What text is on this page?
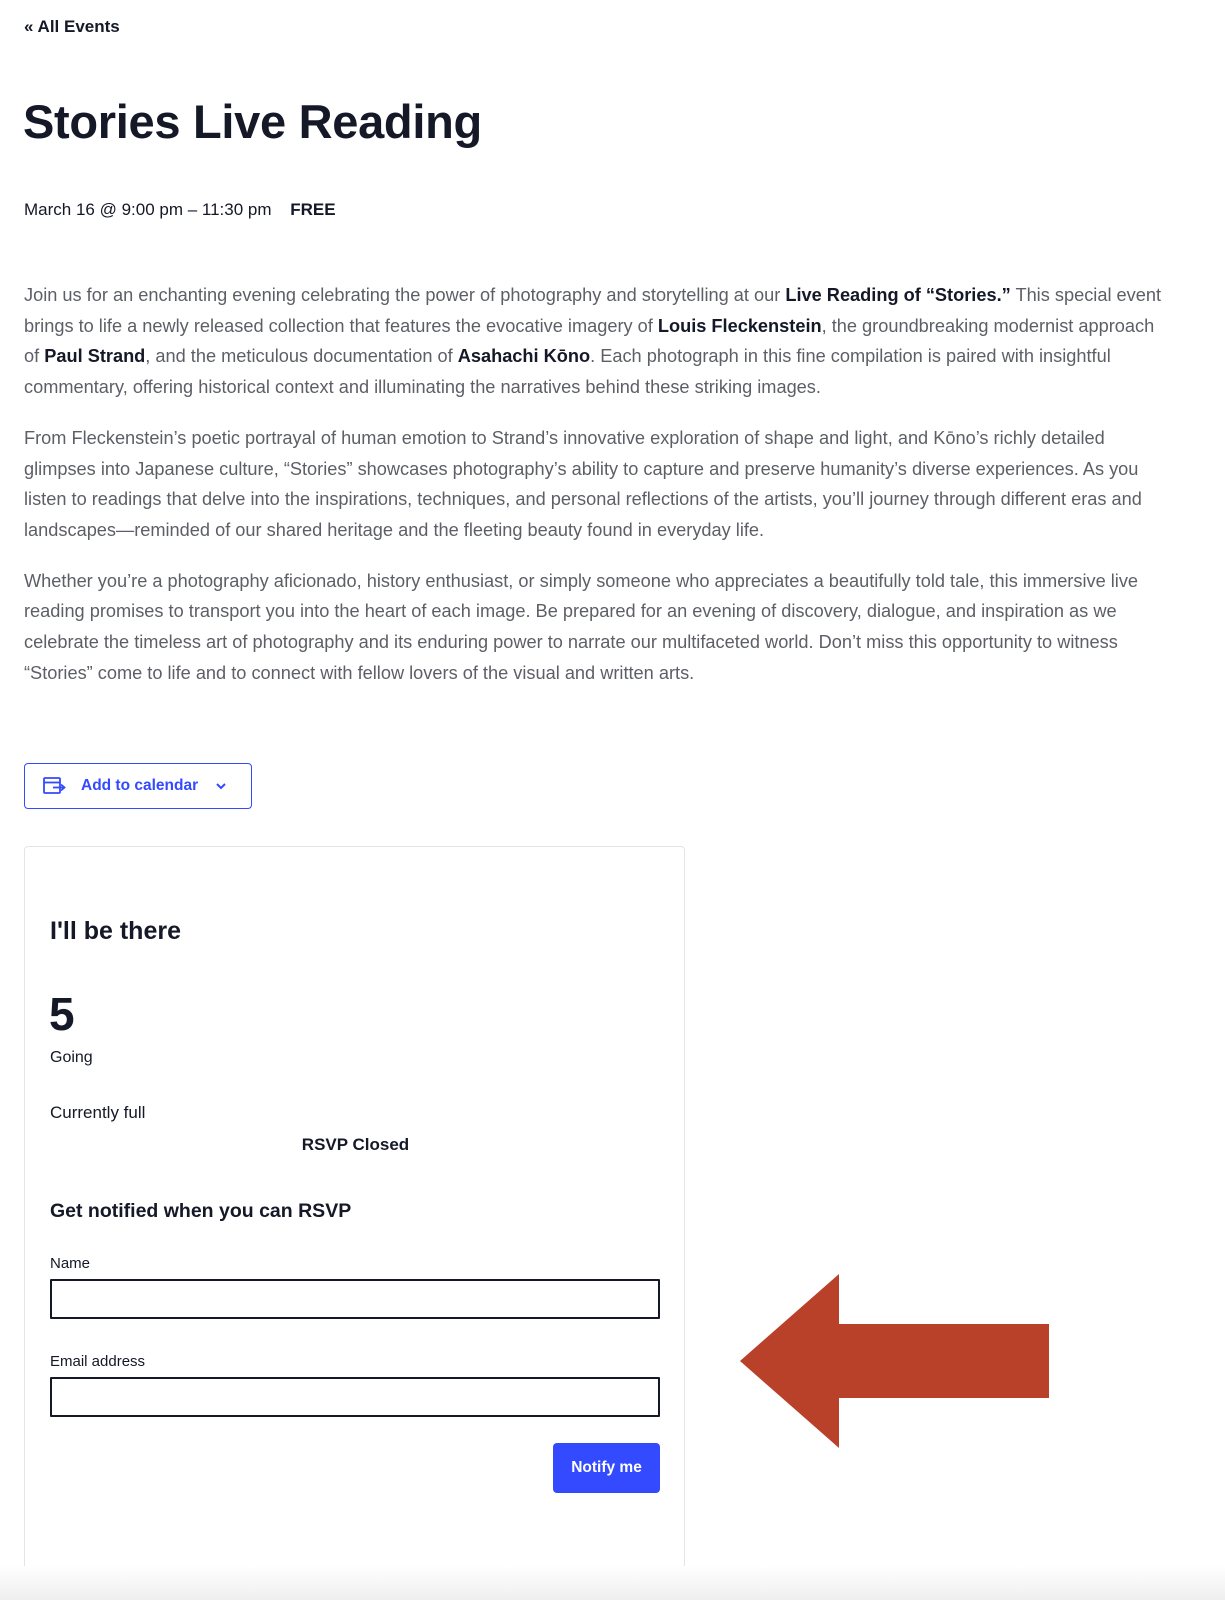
« All Events
Stories Live Reading
March 16 @ 9:00 pm – 11:30 pm FREE

Join us for an enchanting evening celebrating the power of photography and storytelling at our Live Reading of “Stories.” This special event brings to life a newly released collection that features the evocative imagery of Louis Fleckenstein, the groundbreaking modernist approach of Paul Strand, and the meticulous documentation of Asahachi Kōno. Each photograph in this fine compilation is paired with insightful commentary, offering historical context and illuminating the narratives behind these striking images.

From Fleckenstein’s poetic portrayal of human emotion to Strand’s innovative exploration of shape and light, and Kōno’s richly detailed glimpses into Japanese culture, “Stories” showcases photography’s ability to capture and preserve humanity’s diverse experiences. As you listen to readings that delve into the inspirations, techniques, and personal reflections of the artists, you’ll journey through different eras and landscapes—reminded of our shared heritage and the fleeting beauty found in everyday life.

Whether you’re a photography aficionado, history enthusiast, or simply someone who appreciates a beautifully told tale, this immersive live reading promises to transport you into the heart of each image. Be prepared for an evening of discovery, dialogue, and inspiration as we celebrate the timeless art of photography and its enduring power to narrate our multifaceted world. Don’t miss this opportunity to witness “Stories” come to life and to connect with fellow lovers of the visual and written arts.

Add to calendar
I'll be there
5
Going
Currently full
RSVP Closed
Get notified when you can RSVP
Name
Email address
Notify me
